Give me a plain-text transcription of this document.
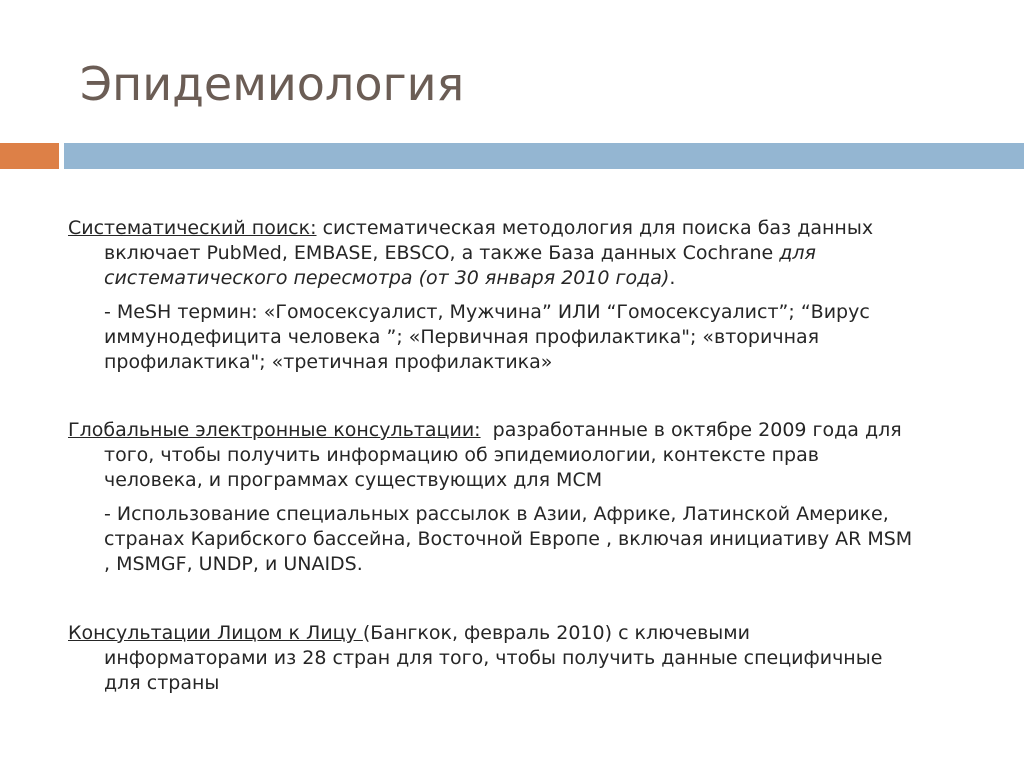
Эпидемиология
Систематический поиск: систематическая методология для поиска баз данных
включает PubMed, EMBASE, EBSCO, а также База данных Cochrane для
систематического пересмотра (от 30 января 2010 года).
- MeSH термин: «Гомосексуалист, Мужчина” ИЛИ “Гомосексуалист”; “Вирус
иммунодефицита человека ”; «Первичная профилактика"; «вторичная
профилактика"; «третичная профилактика»
Глобальные электронные консультации: разработанные в октябре 2009 года для
того, чтобы получить информацию об эпидемиологии, контексте прав
человека, и программах существующих для МСМ
- Использование специальных рассылок в Азии, Африке, Латинской Америке,
странах Карибского бассейна, Восточной Европе , включая инициативу AR MSM
, MSMGF, UNDP, и UNAIDS.
Консультации Лицом к Лицу (Бангкок, февраль 2010) с ключевыми
информаторами из 28 стран для того, чтобы получить данные специфичные
для страны
